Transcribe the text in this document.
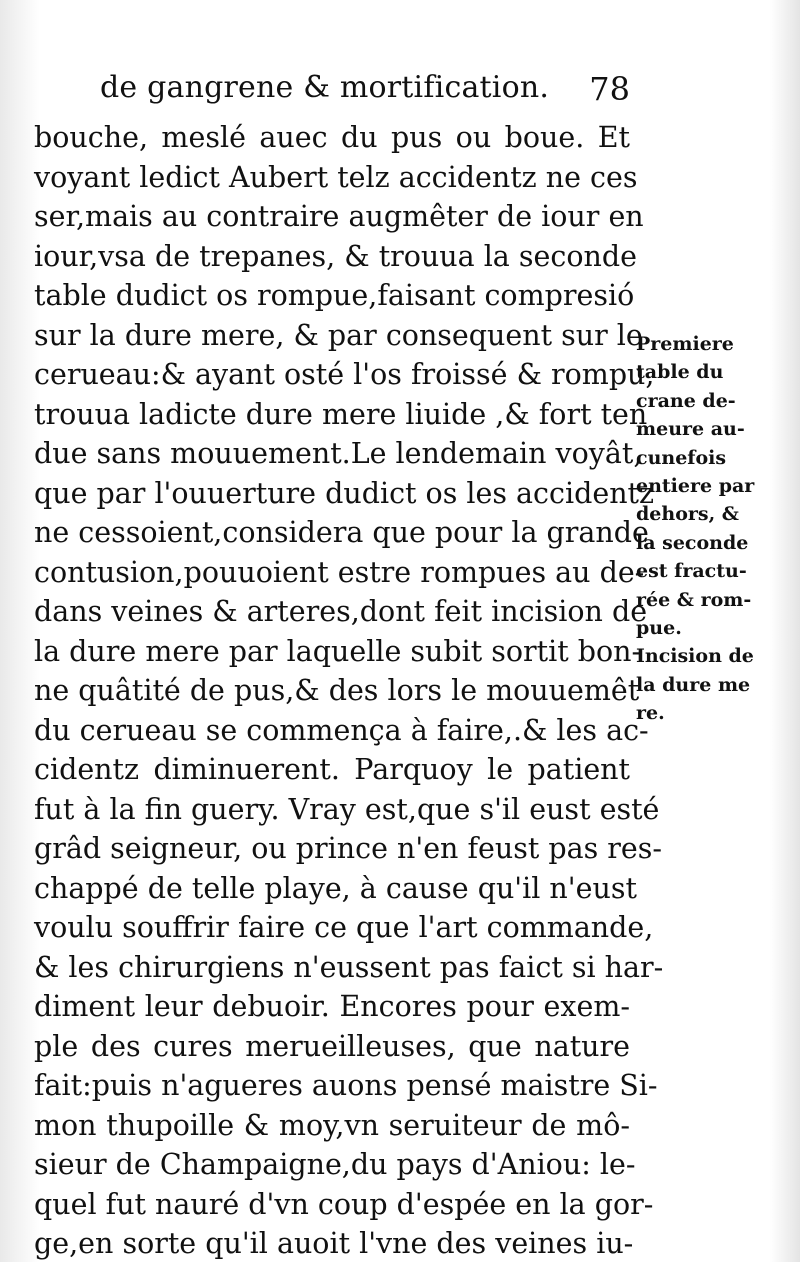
de gangrene & mortification. 78
bouche, meslé auec du pus ou boue. Et
voyant ledict Aubert telz accidentz ne ces
ser,mais au contraire augmêter de iour en
iour,vsa de trepanes, & trouua la seconde
table dudict os rompue,faisant compresió
sur la dure mere, & par consequent sur le
cerueau:& ayant osté l'os froissé & rompu,
trouua ladicte dure mere liuide ,& fort ten
due sans mouuement.Le lendemain voyât,
que par l'ouuerture dudict os les accidentz
ne cessoient,considera que pour la grande
contusion,pouuoient estre rompues au de-
dans veines & arteres,dont feit incision de
la dure mere par laquelle subit sortit bon-
ne quâtité de pus,& des lors le mouuemêt
du cerueau se commença à faire,.& les ac-
cidentz diminuerent. Parquoy le patient
fut à la fin guery. Vray est,que s'il eust esté
grâd seigneur, ou prince n'en feust pas res-
chappé de telle playe, à cause qu'il n'eust
voulu souffrir faire ce que l'art commande,
& les chirurgiens n'eussent pas faict si har-
diment leur debuoir. Encores pour exem-
ple des cures merueilleuses, que nature
fait:puis n'agueres auons pensé maistre Si-
mon thupoille & moy,vn seruiteur de mô-
sieur de Champaigne,du pays d'Aniou: le-
quel fut nauré d'vn coup d'espée en la gor-
ge,en sorte qu'il auoit l'vne des veines iu-
Premiere
table du
crane de-
meure au-
cunefois
entiere par
dehors, &
la seconde
est fractu-
rée & rom-
pue.
Incision de
la dure me
re.
